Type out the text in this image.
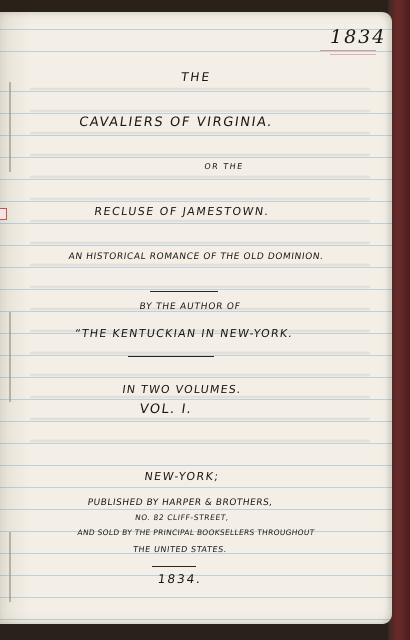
1834
THE
CAVALIERS OF VIRGINIA.
OR THE
RECLUSE OF JAMESTOWN.
AN HISTORICAL ROMANCE OF THE OLD DOMINION.
BY THE AUTHOR OF
“THE KENTUCKIAN IN NEW-YORK.
IN TWO VOLUMES.
VOL. I.
NEW-YORK;
PUBLISHED BY HARPER & BROTHERS,
NO. 82 CLIFF-STREET,
AND SOLD BY THE PRINCIPAL BOOKSELLERS THROUGHOUT
THE UNITED STATES.
1834.
